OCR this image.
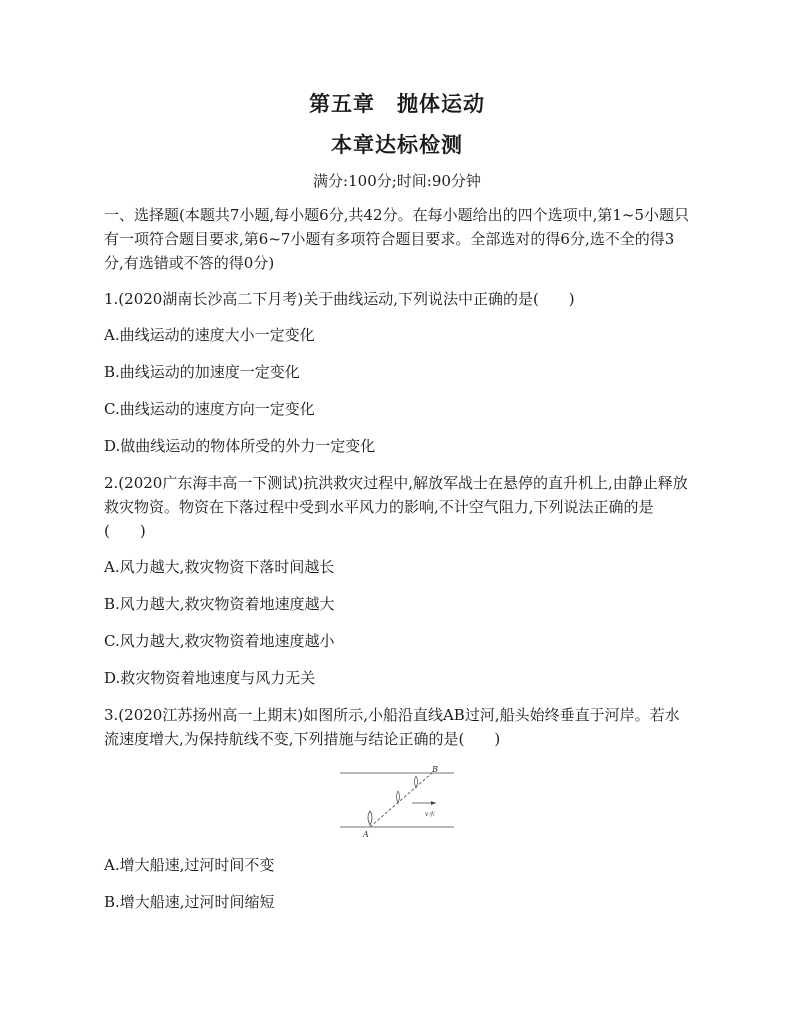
第五章　抛体运动
本章达标检测
满分:100分;时间:90分钟

一、选择题(本题共7小题,每小题6分,共42分。在每小题给出的四个选项中,第1~5小题只有一项符合题目要求,第6~7小题有多项符合题目要求。全部选对的得6分,选不全的得3分,有选错或不答的得0分)

1.(2020湖南长沙高二下月考)关于曲线运动,下列说法中正确的是(　　)

A.曲线运动的速度大小一定变化
B.曲线运动的加速度一定变化
C.曲线运动的速度方向一定变化
D.做曲线运动的物体所受的外力一定变化

2.(2020广东海丰高一下测试)抗洪救灾过程中,解放军战士在悬停的直升机上,由静止释放救灾物资。物资在下落过程中受到水平风力的影响,不计空气阻力,下列说法正确的是(　　)

A.风力越大,救灾物资下落时间越长
B.风力越大,救灾物资着地速度越大
C.风力越大,救灾物资着地速度越小
D.救灾物资着地速度与风力无关

3.(2020江苏扬州高一上期末)如图所示,小船沿直线AB过河,船头始终垂直于河岸。若水流速度增大,为保持航线不变,下列措施与结论正确的是(　　)

B
A
v水
A.增大船速,过河时间不变
B.增大船速,过河时间缩短
